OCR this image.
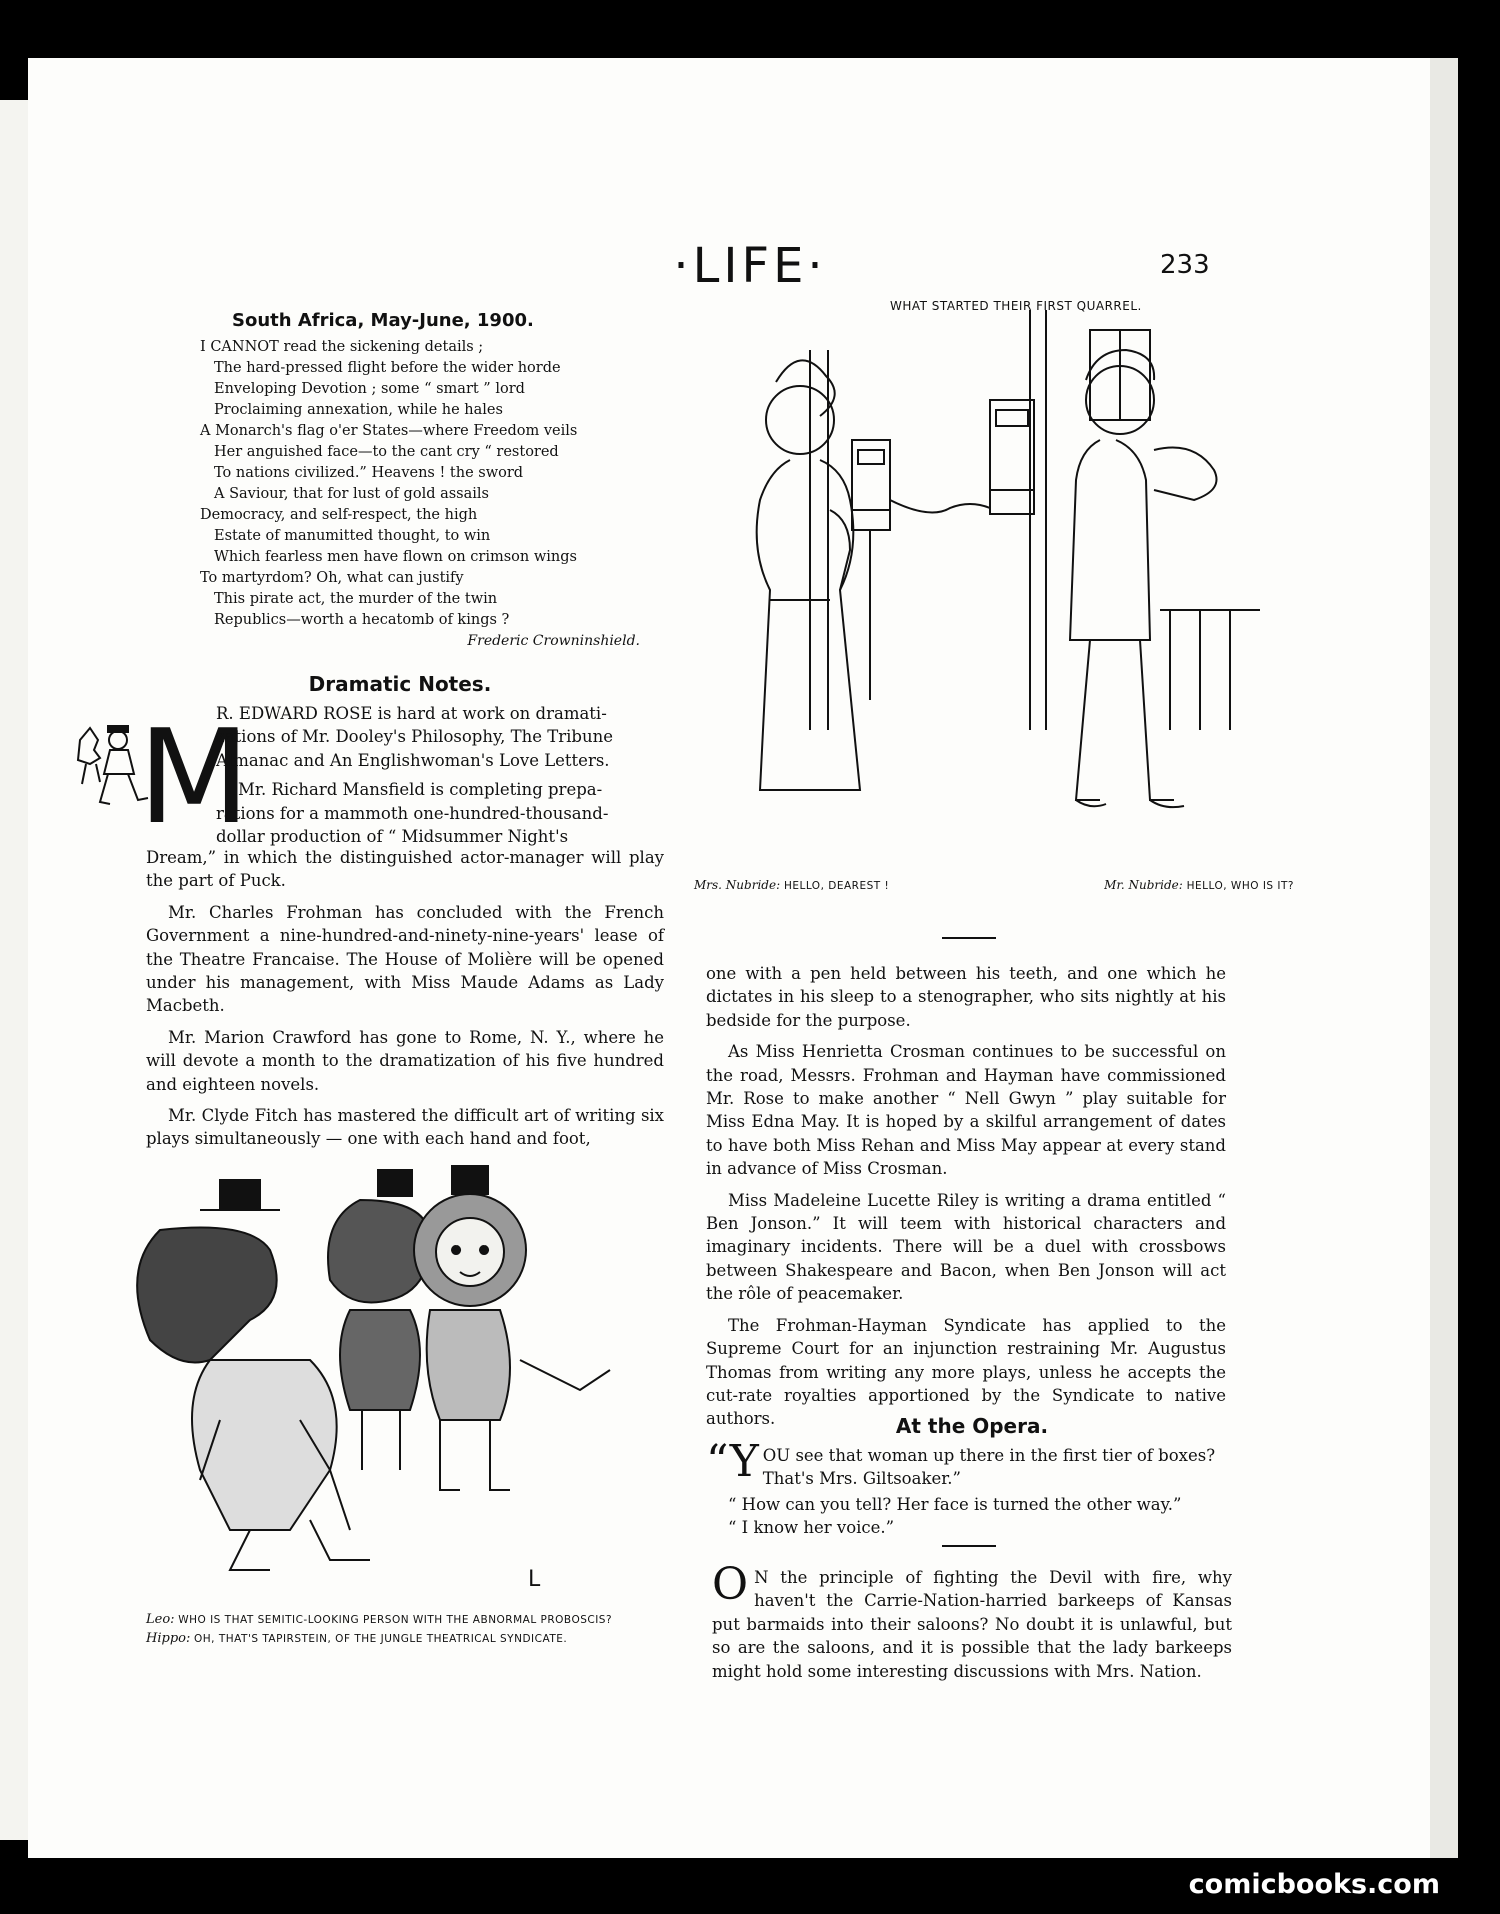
·LIFE·	233
South Africa, May-June, 1900.

I CANNOT read the sickening details ;

The hard-pressed flight before the wider horde

Enveloping Devotion ; some “ smart ” lord

Proclaiming annexation, while he hales

A Monarch's flag o'er States—where Freedom veils

Her anguished face—to the cant cry “ restored

To nations civilized.” Heavens ! the sword

A Saviour, that for lust of gold assails

Democracy, and self-respect, the high

Estate of manumitted thought, to win

Which fearless men have flown on crimson wings

To martyrdom? Oh, what can justify

This pirate act, the murder of the twin

Republics—worth a hecatomb of kings ?

Frederic Crowninshield.
Dramatic Notes.
M

R. EDWARD ROSE is hard at work on dramati-

zations of Mr. Dooley's Philosophy, The Tribune

Almanac and An Englishwoman's Love Letters.

Mr. Richard Mansfield is completing prepa-

rations for a mammoth one-hundred-thousand-

dollar production of “ Midsummer Night's

Dream,” in which the distinguished actor-manager will play the part of Puck.

Mr. Charles Frohman has concluded with the French Government a nine-hundred-and-ninety-nine-years' lease of the Theatre Francaise. The House of Molière will be opened under his management, with Miss Maude Adams as Lady Macbeth.

Mr. Marion Crawford has gone to Rome, N. Y., where he will devote a month to the dramatization of his five hundred and eighteen novels.

Mr. Clyde Fitch has mastered the difficult art of writing six plays simultaneously — one with each hand and foot,

WHAT STARTED THEIR FIRST QUARREL.
Mrs. Nubride: HELLO, DEAREST !	Mr. Nubride: HELLO, WHO IS IT?

one with a pen held between his teeth, and one which he dictates in his sleep to a stenographer, who sits nightly at his bedside for the purpose.

As Miss Henrietta Crosman continues to be successful on the road, Messrs. Frohman and Hayman have commissioned Mr. Rose to make another “ Nell Gwyn ” play suitable for Miss Edna May. It is hoped by a skilful arrangement of dates to have both Miss Rehan and Miss May appear at every stand in advance of Miss Crosman.

Miss Madeleine Lucette Riley is writing a drama entitled “ Ben Jonson.” It will teem with historical characters and imaginary incidents. There will be a duel with crossbows between Shakespeare and Bacon, when Ben Jonson will act the rôle of peacemaker.

The Frohman-Hayman Syndicate has applied to the Supreme Court for an injunction restraining Mr. Augustus Thomas from writing any more plays, unless he accepts the cut-rate royalties apportioned by the Syndicate to native authors.

L
Leo: WHO IS THAT SEMITIC-LOOKING PERSON WITH THE ABNORMAL PROBOSCIS?
Hippo: OH, THAT'S TAPIRSTEIN, OF THE JUNGLE THEATRICAL SYNDICATE.
At the Opera.

“YOU see that woman up there in the first tier of boxes?
That's Mrs. Giltsoaker.”

“ How can you tell? Her face is turned the other way.”

“ I know her voice.”

O N the principle of fighting the Devil with fire, why haven't the Carrie-Nation-harried barkeeps of Kansas put barmaids into their saloons? No doubt it is unlawful, but so are the saloons, and it is possible that the lady barkeeps might hold some interesting discussions with Mrs. Nation.

comicbooks.com
